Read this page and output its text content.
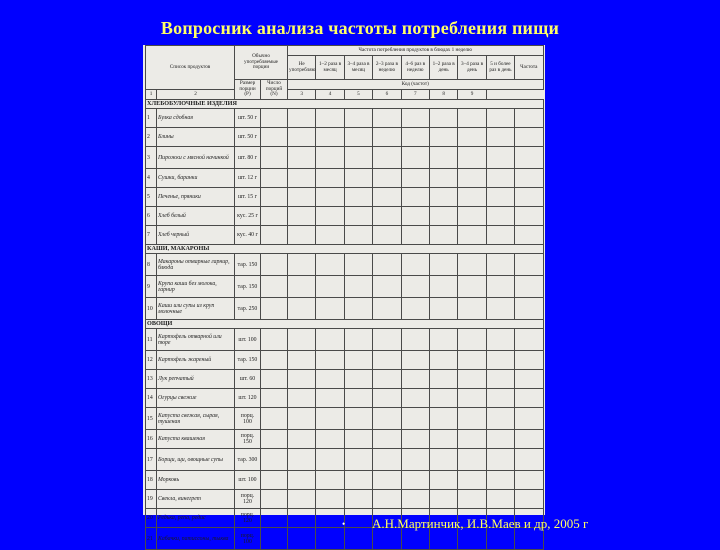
Вопросник анализа частоты потребления пищи
Список продуктов		Обычно употребляемые порции		Частота потребления продуктов в блюдах 1 неделю								
				Не употребляю	1–2 раза в месяц	3–4 раза в месяц	2–3 раза в неделю	4–6 раз в неделю	1–2 раза в день	3–4 раза в день	5 и более раз в день	Частота
		Размер порции (Р)	Число порций (N)	Код (частот)								
1	2			3	4	5	6	7	8	9		
ХЛЕБОБУЛОЧНЫЕ ИЗДЕЛИЯ												
1	Булка сдобная	шт. 50 г										
2	Блины	шт. 50 г										
3	Пирожки с мясной начинкой	шт. 80 г										
4	Сушки, баранки	шт. 12 г										
5	Печенье, пряники	шт. 15 г										
6	Хлеб белый	кус. 25 г										
7	Хлеб черный	кус. 40 г										
КАШИ, МАКАРОНЫ												
8	Макароны отварные гарнир, блюда	тар. 150										
9	Крупа каши без молока, гарнир	тар. 150										
10	Каши или супы из круп молочные	тар. 250										
ОВОЩИ												
11	Картофель отварной или пюре	шт. 100										
12	Картофель жареный	тар. 150										
13	Лук репчатый	шт. 60										
14	Огурцы свежие	шт. 120										
15	Капуста свежая, сырая, тушеная	порц. 100										
16	Капуста квашеная	порц. 150										
17	Борщи, щи, овощные супы	тар. 300										
18	Морковь	шт. 100										
19	Свекла, винегрет	порц. 120										
20	Редька, репа, редис	порц. 120										
21	Кабачки, патиссоны, тыква	порц. 100										
• А.Н.Мартинчик, И.В.Маев и др, 2005 г
